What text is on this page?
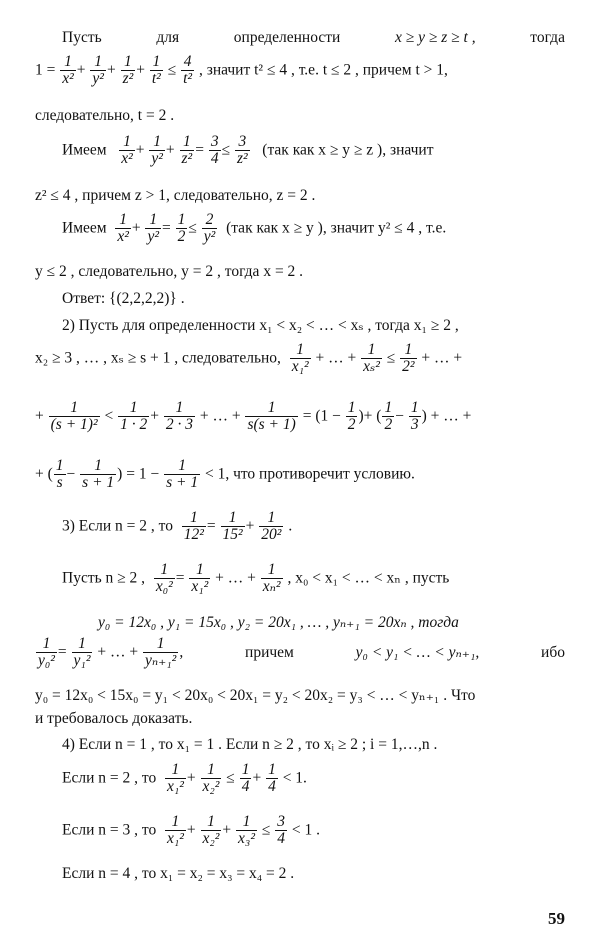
Пусть	для	определенности	x ≥ y ≥ z ≥ t ,	тогда
$1 = \frac{1}{\text{x²}} + \frac{1}{\text{y²}} + \frac{1}{\text{z²}} + \frac{1}{\text{t²}} \le \frac{4}{\text{t²}}$ , значит t² ≤ 4 , т.е. t ≤ 2 , причем t > 1,
следовательно, t = 2 .
Имеем $\frac{1}{\text{x²}} + \frac{1}{\text{y²}} + \frac{1}{\text{z²}} = \frac{3}{4} \le \frac{3}{\text{z²}} (так$ как x ≥ y ≥ z ), значит
z² ≤ 4 , причем z > 1, следовательно, z = 2 .
Имеем $\frac{1}{\text{x²}} + \frac{1}{\text{y²}} = \frac{1}{2} \le \frac{2}{\text{y²}} (так$ как x ≥ y ), значит y² ≤ 4 , т.е.
y ≤ 2 , следовательно, y = 2 , тогда x = 2 .
Ответ: {(2,2,2,2)} .
2) Пусть для определенности x₁ < x₂ < … < xₛ , тогда x₁ ≥ 2 ,
x₂ ≥ 3 , … , xₛ ≥ s + 1 , следовательно, $\frac{1}{\text{x₁²}}$ + … + $\frac{1}{\text{xₛ²}} \le \frac{1}{\text{2²}}$ + … +
+ $\frac{1}{\text{(s + 1)²}} < \frac{1}{1 \cdot 2} + \frac{1}{2 \cdot 3}$ + … + $\frac{1}{s(s + 1)} = (1 - \frac{1}{2}$ )+ ( $\frac{1}{2} - \frac{1}{3}$ ) + … +
+ ( $\frac{1}{s} - \frac{1}{s + 1}$ ) = $1 - \frac{1}{s + 1} < 1$, что противоречит условию.
3) Если n = 2 , то $\frac{1}{\text{12²}} = \frac{1}{\text{15²}} + \frac{1}{\text{20²}}$ .
Пусть n ≥ 2 , $\frac{1}{\text{x₀²}} = \frac{1}{\text{x₁²}}$ + … + $\frac{1}{\text{xₙ²}}$ , x₀ < x₁ < … < xₙ , пусть
y₀ = 12x₀ , y₁ = 15x₀ , y₂ = 20x₁ , … , yₙ₊₁ = 20xₙ , тогда
$\frac{1}{\text{y₀²}} = \frac{1}{\text{y₁²}}$ + … + $\frac{1}{\text{yₙ₊₁²}}$ ,	причем	y₀ < y₁ < … < yₙ₊₁,	ибо
y₀ = 12x₀ < 15x₀ = y₁ < 20x₀ < 20x₁ = y₂ < 20x₂ = y₃ < … < yₙ₊₁ . Что
и требовалось доказать.
4) Если n = 1 , то x₁ = 1 . Если n ≥ 2 , то xᵢ ≥ 2 ; i = 1,…,n .
Если n = 2 , то $\frac{1}{\text{x₁²}} + \frac{1}{\text{x₂²}} \le \frac{1}{4} + \frac{1}{4} < 1$.
Если n = 3 , то $\frac{1}{\text{x₁²}} + \frac{1}{\text{x₂²}} + \frac{1}{\text{x₃²}} \le \frac{3}{4} < 1$ .
Если n = 4 , то x₁ = x₂ = x₃ = x₄ = 2 .
59
